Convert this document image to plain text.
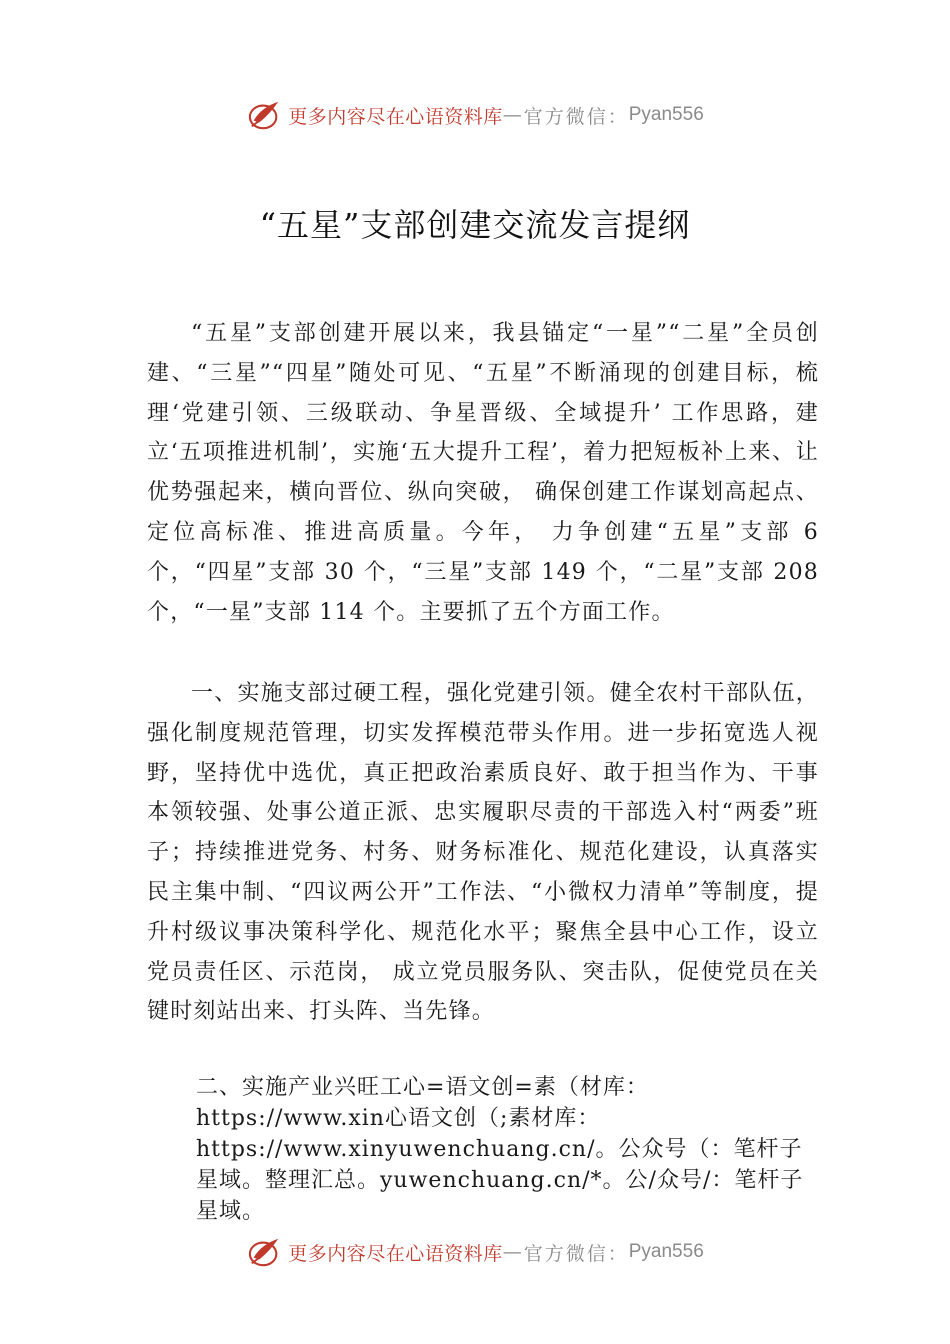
更多内容尽在心语资料库 — 官方微信： Pyan556
“五星”支部创建交流发言提纲

“五星”支部创建开展以来，我县锚定“一星”“二星”全员创建、“三星”“四星”随处可见、“五星”不断涌现的创建目标，梳理‘党建引领、三级联动、争星晋级、全域提升’ 工作思路，建立‘五项推进机制’，实施‘五大提升工程’，着力把短板补上来、让优势强起来，横向晋位、纵向突破， 确保创建工作谋划高起点、定位高标准、推进高质量。今年， 力争创建“五星”支部 6 个，“四星”支部 30 个，“三星”支部 149 个，“二星”支部 208 个，“一星”支部 114 个。主要抓了五个方面工作。

一、实施支部过硬工程，强化党建引领。健全农村干部队伍，强化制度规范管理，切实发挥模范带头作用。进一步拓宽选人视野，坚持优中选优，真正把政治素质良好、敢于担当作为、干事本领较强、处事公道正派、忠实履职尽责的干部选入村“两委”班子；持续推进党务、村务、财务标准化、规范化建设，认真落实民主集中制、“四议两公开”工作法、“小微权力清单”等制度，提升村级议事决策科学化、规范化水平；聚焦全县中心工作，设立党员责任区、示范岗， 成立党员服务队、突击队，促使党员在关键时刻站出来、打头阵、当先锋。

二、实施产业兴旺工心=语文创=素（材库：https://www.xin心语文创（;素材库：https://www.xinyuwenchuang.cn/。公众号（：笔杆子星域。整理汇总。yuwenchuang.cn/*。公/众号/：笔杆子星域。

更多内容尽在心语资料库 — 官方微信： Pyan556
